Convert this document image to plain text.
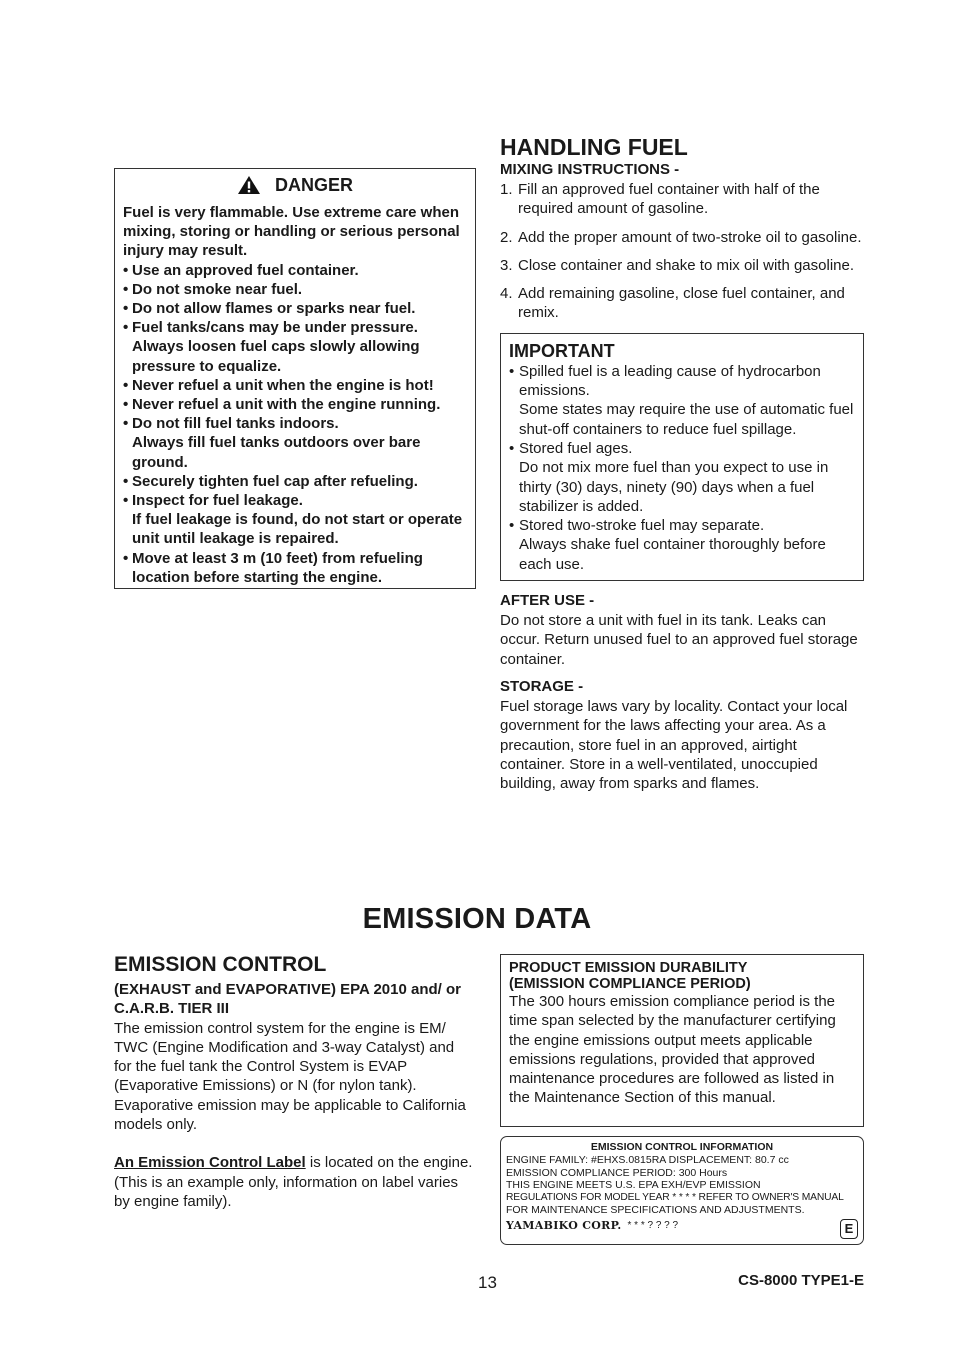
DANGER
Fuel is very flammable. Use extreme care when mixing, storing or handling or serious personal injury may result.
• Use an approved fuel container.
• Do not smoke near fuel.
• Do not allow flames or sparks near fuel.
• Fuel tanks/cans may be under pressure.
Always loosen fuel caps slowly allowing pressure to equalize.
• Never refuel a unit when the engine is hot!
• Never refuel a unit with the engine running.
• Do not fill fuel tanks indoors.
Always fill fuel tanks outdoors over bare ground.
• Securely tighten fuel cap after refueling.
• Inspect for fuel leakage.
If fuel leakage is found, do not start or operate unit until leakage is repaired.
• Move at least 3 m (10 feet) from refueling location before starting the engine.
HANDLING FUEL
MIXING INSTRUCTIONS -
1. Fill an approved fuel container with half of the required amount of gasoline.
2. Add the proper amount of two-stroke oil to gasoline.
3. Close container and shake to mix oil with gasoline.
4. Add remaining gasoline, close fuel container, and remix.

IMPORTANT

• Spilled fuel is a leading cause of hydrocarbon emissions.
Some states may require the use of automatic fuel shut-off containers to reduce fuel spillage.
• Stored fuel ages.
Do not mix more fuel than you expect to use in thirty (30) days, ninety (90) days when a fuel stabilizer is added.
• Stored two-stroke fuel may separate.
Always shake fuel container thoroughly before each use.
AFTER USE -

Do not store a unit with fuel in its tank. Leaks can occur. Return unused fuel to an approved fuel storage container.

STORAGE -

Fuel storage laws vary by locality. Contact your local government for the laws affecting your area. As a precaution, store fuel in an approved, airtight container. Store in a well-ventilated, unoccupied building, away from sparks and flames.

EMISSION DATA
EMISSION CONTROL

(EXHAUST and EVAPORATIVE) EPA 2010 and/ or C.A.R.B. TIER III

The emission control system for the engine is EM/ TWC (Engine Modification and 3-way Catalyst) and for the fuel tank the Control System is EVAP (Evaporative Emissions) or N (for nylon tank). Evaporative emission may be applicable to California models only.

An Emission Control Label is located on the engine. (This is an example only, information on label varies by engine family).

PRODUCT EMISSION DURABILITY
(EMISSION COMPLIANCE PERIOD)

The 300 hours emission compliance period is the time span selected by the manufacturer certifying the engine emissions output meets applicable emissions regulations, provided that approved maintenance procedures are followed as listed in the Maintenance Section of this manual.

EMISSION CONTROL INFORMATION

ENGINE FAMILY: #EHXS.0815RA DISPLACEMENT: 80.7 cc

EMISSION COMPLIANCE PERIOD: 300 Hours

THIS ENGINE MEETS U.S. EPA EXH/EVP EMISSION

REGULATIONS FOR MODEL YEAR * * * * REFER TO OWNER'S MANUAL

FOR MAINTENANCE SPECIFICATIONS AND ADJUSTMENTS.

YAMABIKO CORP. * * * ? ? ? ?	E
13	CS-8000 TYPE1-E
